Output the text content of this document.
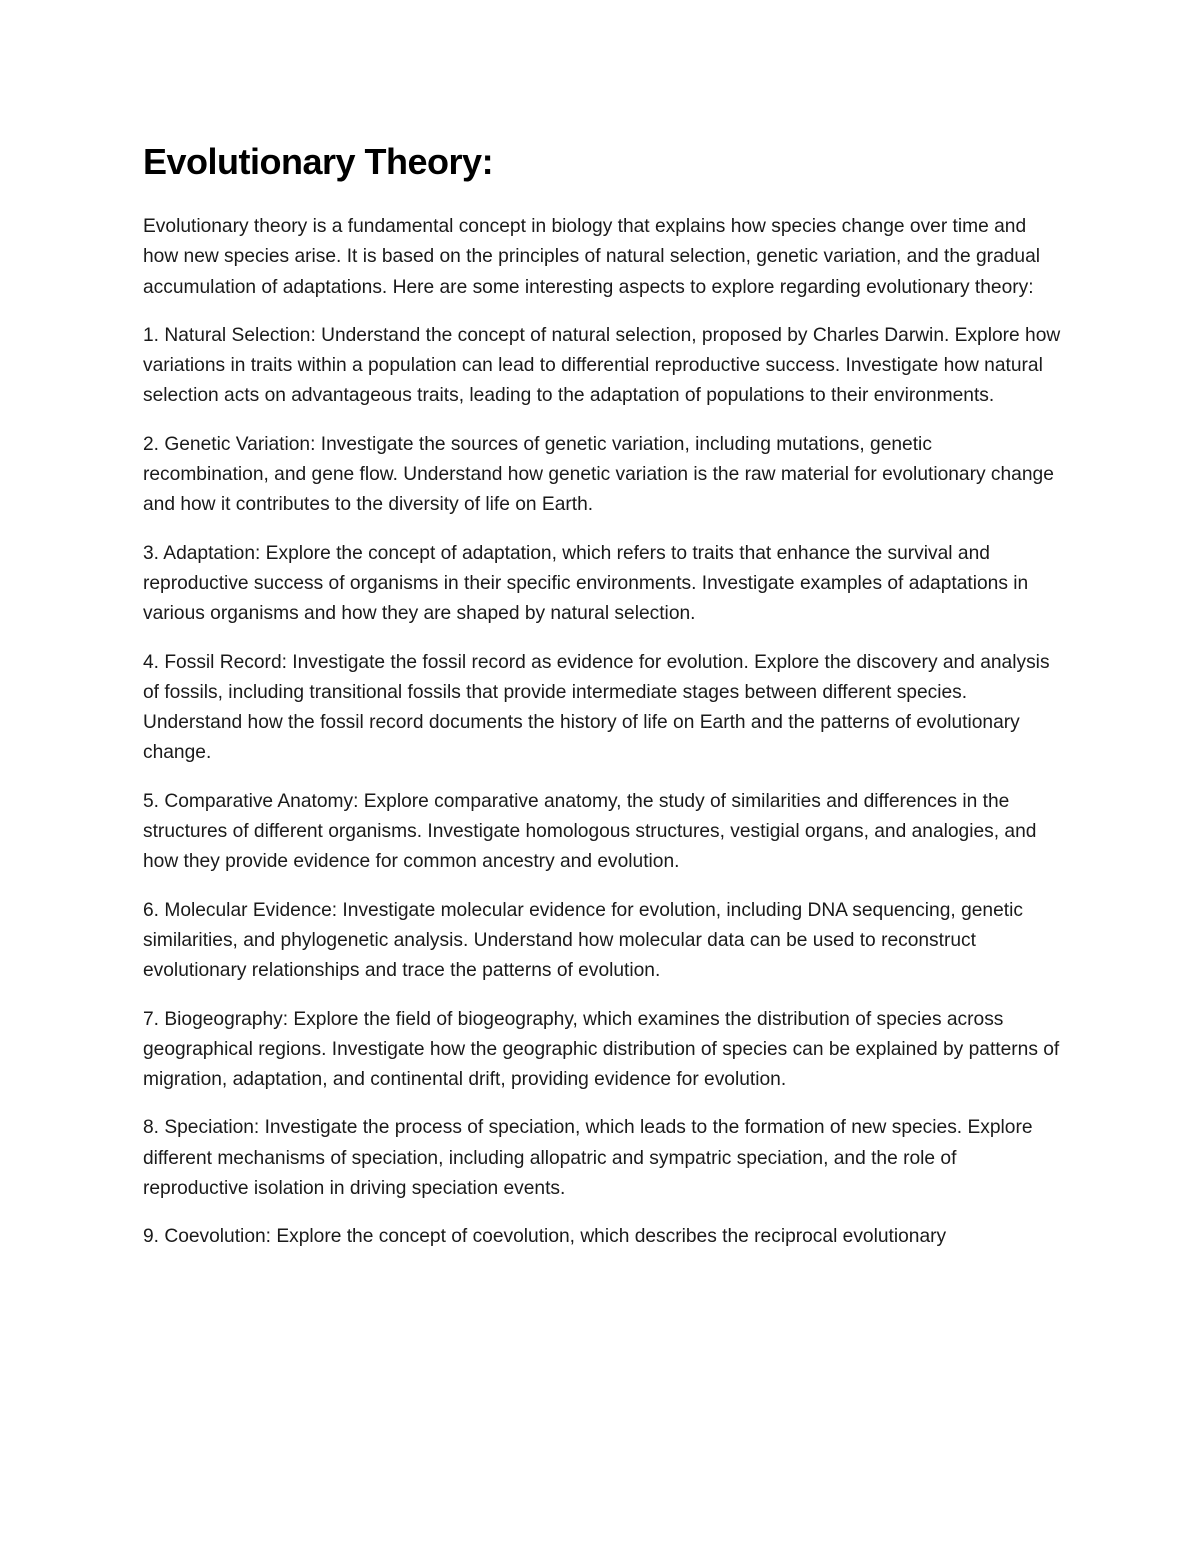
Evolutionary Theory:

Evolutionary theory is a fundamental concept in biology that explains how species change over time and how new species arise. It is based on the principles of natural selection, genetic variation, and the gradual accumulation of adaptations. Here are some interesting aspects to explore regarding evolutionary theory:

1. Natural Selection: Understand the concept of natural selection, proposed by Charles Darwin. Explore how variations in traits within a population can lead to differential reproductive success. Investigate how natural selection acts on advantageous traits, leading to the adaptation of populations to their environments.

2. Genetic Variation: Investigate the sources of genetic variation, including mutations, genetic recombination, and gene flow. Understand how genetic variation is the raw material for evolutionary change and how it contributes to the diversity of life on Earth.

3. Adaptation: Explore the concept of adaptation, which refers to traits that enhance the survival and reproductive success of organisms in their specific environments. Investigate examples of adaptations in various organisms and how they are shaped by natural selection.

4. Fossil Record: Investigate the fossil record as evidence for evolution. Explore the discovery and analysis of fossils, including transitional fossils that provide intermediate stages between different species. Understand how the fossil record documents the history of life on Earth and the patterns of evolutionary change.

5. Comparative Anatomy: Explore comparative anatomy, the study of similarities and differences in the structures of different organisms. Investigate homologous structures, vestigial organs, and analogies, and how they provide evidence for common ancestry and evolution.

6. Molecular Evidence: Investigate molecular evidence for evolution, including DNA sequencing, genetic similarities, and phylogenetic analysis. Understand how molecular data can be used to reconstruct evolutionary relationships and trace the patterns of evolution.

7. Biogeography: Explore the field of biogeography, which examines the distribution of species across geographical regions. Investigate how the geographic distribution of species can be explained by patterns of migration, adaptation, and continental drift, providing evidence for evolution.

8. Speciation: Investigate the process of speciation, which leads to the formation of new species. Explore different mechanisms of speciation, including allopatric and sympatric speciation, and the role of reproductive isolation in driving speciation events.

9. Coevolution: Explore the concept of coevolution, which describes the reciprocal evolutionary
